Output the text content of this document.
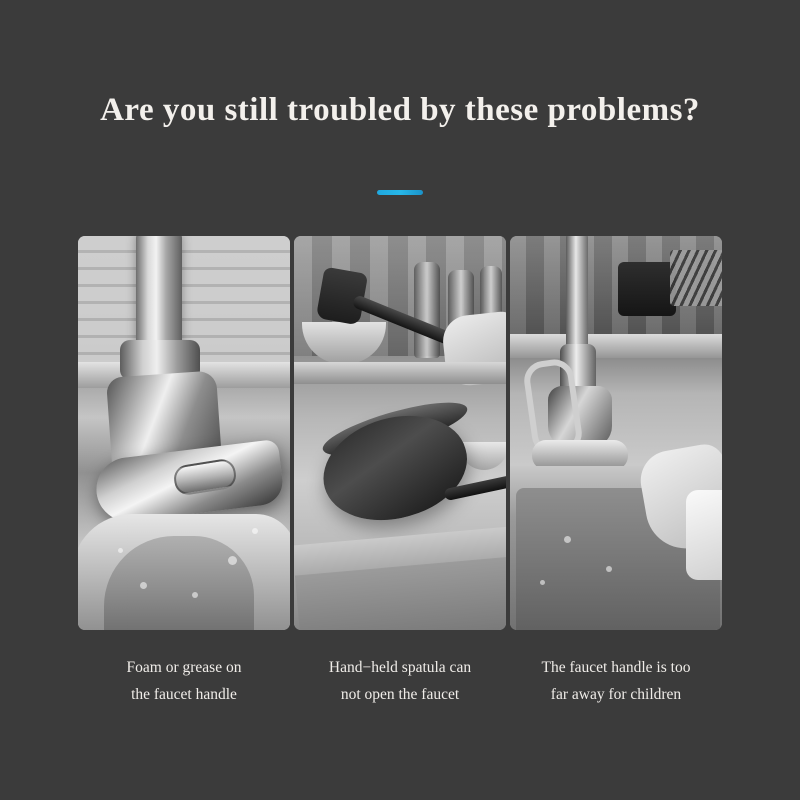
Are you still troubled by these problems?
Foam or grease on
the faucet handle
Hand−held spatula can
not open the faucet
The faucet handle is too
far away for children
